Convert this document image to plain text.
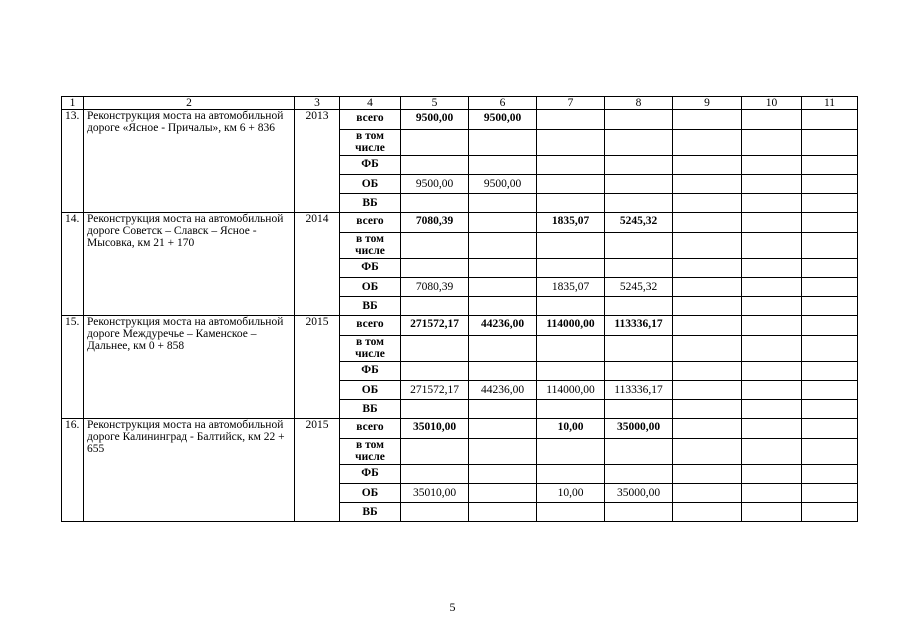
1	2	3	4	5	6	7	8	9	10	11
13.	Реконструкция моста на автомобильной дороге «Ясное - Причалы», км 6 + 836	2013	всего	9500,00	9500,00					
			в том числе							
			ФБ							
			ОБ	9500,00	9500,00					
			ВБ							
14.	Реконструкция моста на автомобильной дороге Советск – Славск – Ясное - Мысовка, км 21 + 170	2014	всего	7080,39		1835,07	5245,32			
			в том числе							
			ФБ							
			ОБ	7080,39		1835,07	5245,32			
			ВБ							
15.	Реконструкция моста на автомобильной дороге Междуречье – Каменское – Дальнее, км 0 + 858	2015	всего	271572,17	44236,00	114000,00	113336,17			
			в том числе							
			ФБ							
			ОБ	271572,17	44236,00	114000,00	113336,17			
			ВБ							
16.	Реконструкция моста на автомобильной дороге Калининград - Балтийск, км 22 + 655	2015	всего	35010,00		10,00	35000,00			
			в том числе							
			ФБ							
			ОБ	35010,00		10,00	35000,00			
			ВБ							
5
